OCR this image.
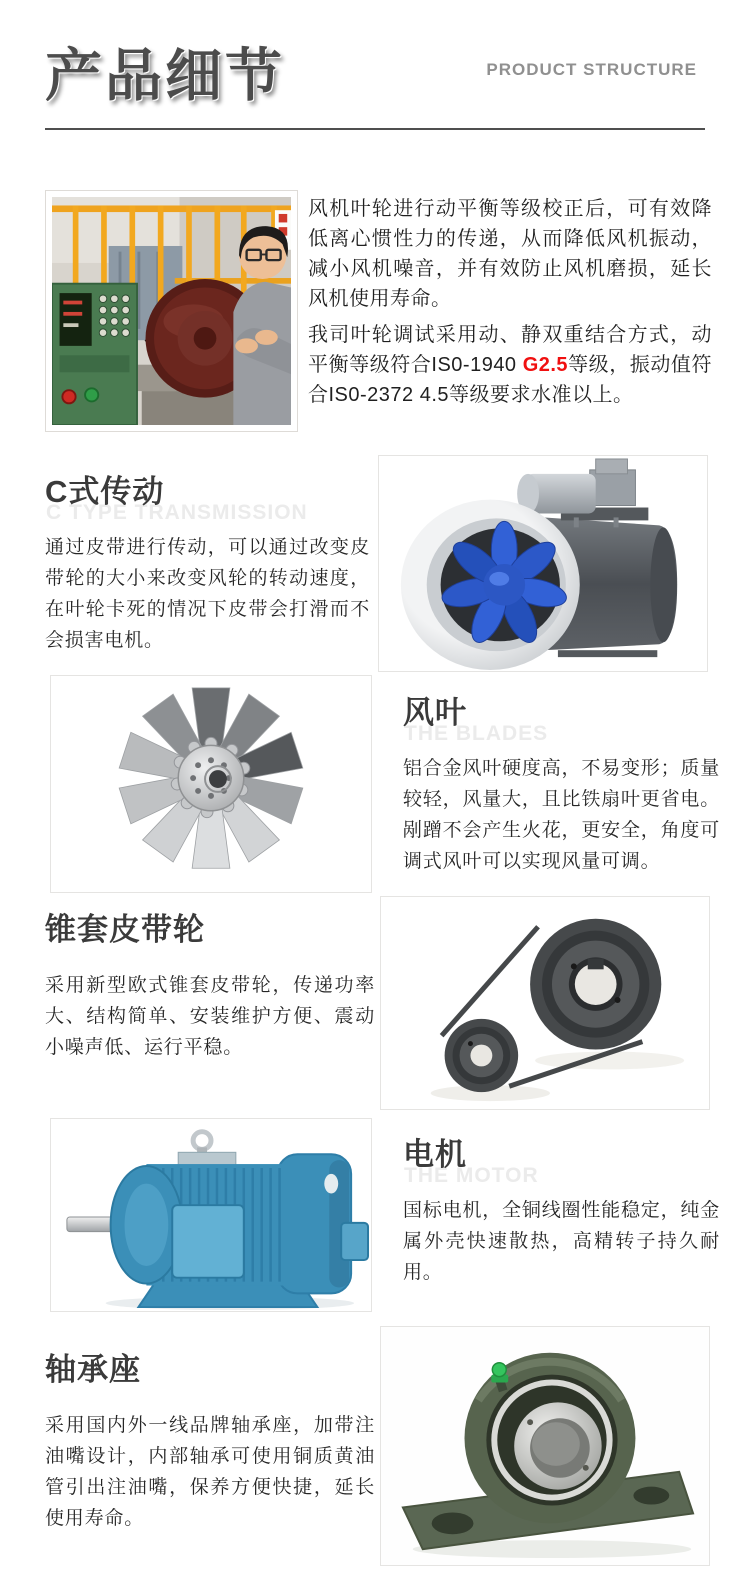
产品细节	PRODUCT STRUCTURE

风机叶轮进行动平衡等级校正后，可有效降低离心惯性力的传递，从而降低风机振动，减小风机噪音，并有效防止风机磨损，延长风机使用寿命。

我司叶轮调试采用动、静双重结合方式，动平衡等级符合IS0-1940 G2.5等级，振动值符合IS0-2372 4.5等级要求水准以上。

C TYPE TRANSMISSION
C式传动
通过皮带进行传动，可以通过改变皮带轮的大小来改变风轮的转动速度，在叶轮卡死的情况下皮带会打滑而不会损害电机。
THE BLADES
风叶
铝合金风叶硬度高，不易变形；质量较轻，风量大，且比铁扇叶更省电。剐蹭不会产生火花，更安全，角度可调式风叶可以实现风量可调。
锥套皮带轮
采用新型欧式锥套皮带轮，传递功率大、结构简单、安装维护方便、震动小噪声低、运行平稳。
THE MOTOR
电机
国标电机，全铜线圈性能稳定，纯金属外壳快速散热，高精转子持久耐用。
轴承座
采用国内外一线品牌轴承座，加带注油嘴设计，内部轴承可使用铜质黄油管引出注油嘴，保养方便快捷，延长使用寿命。
